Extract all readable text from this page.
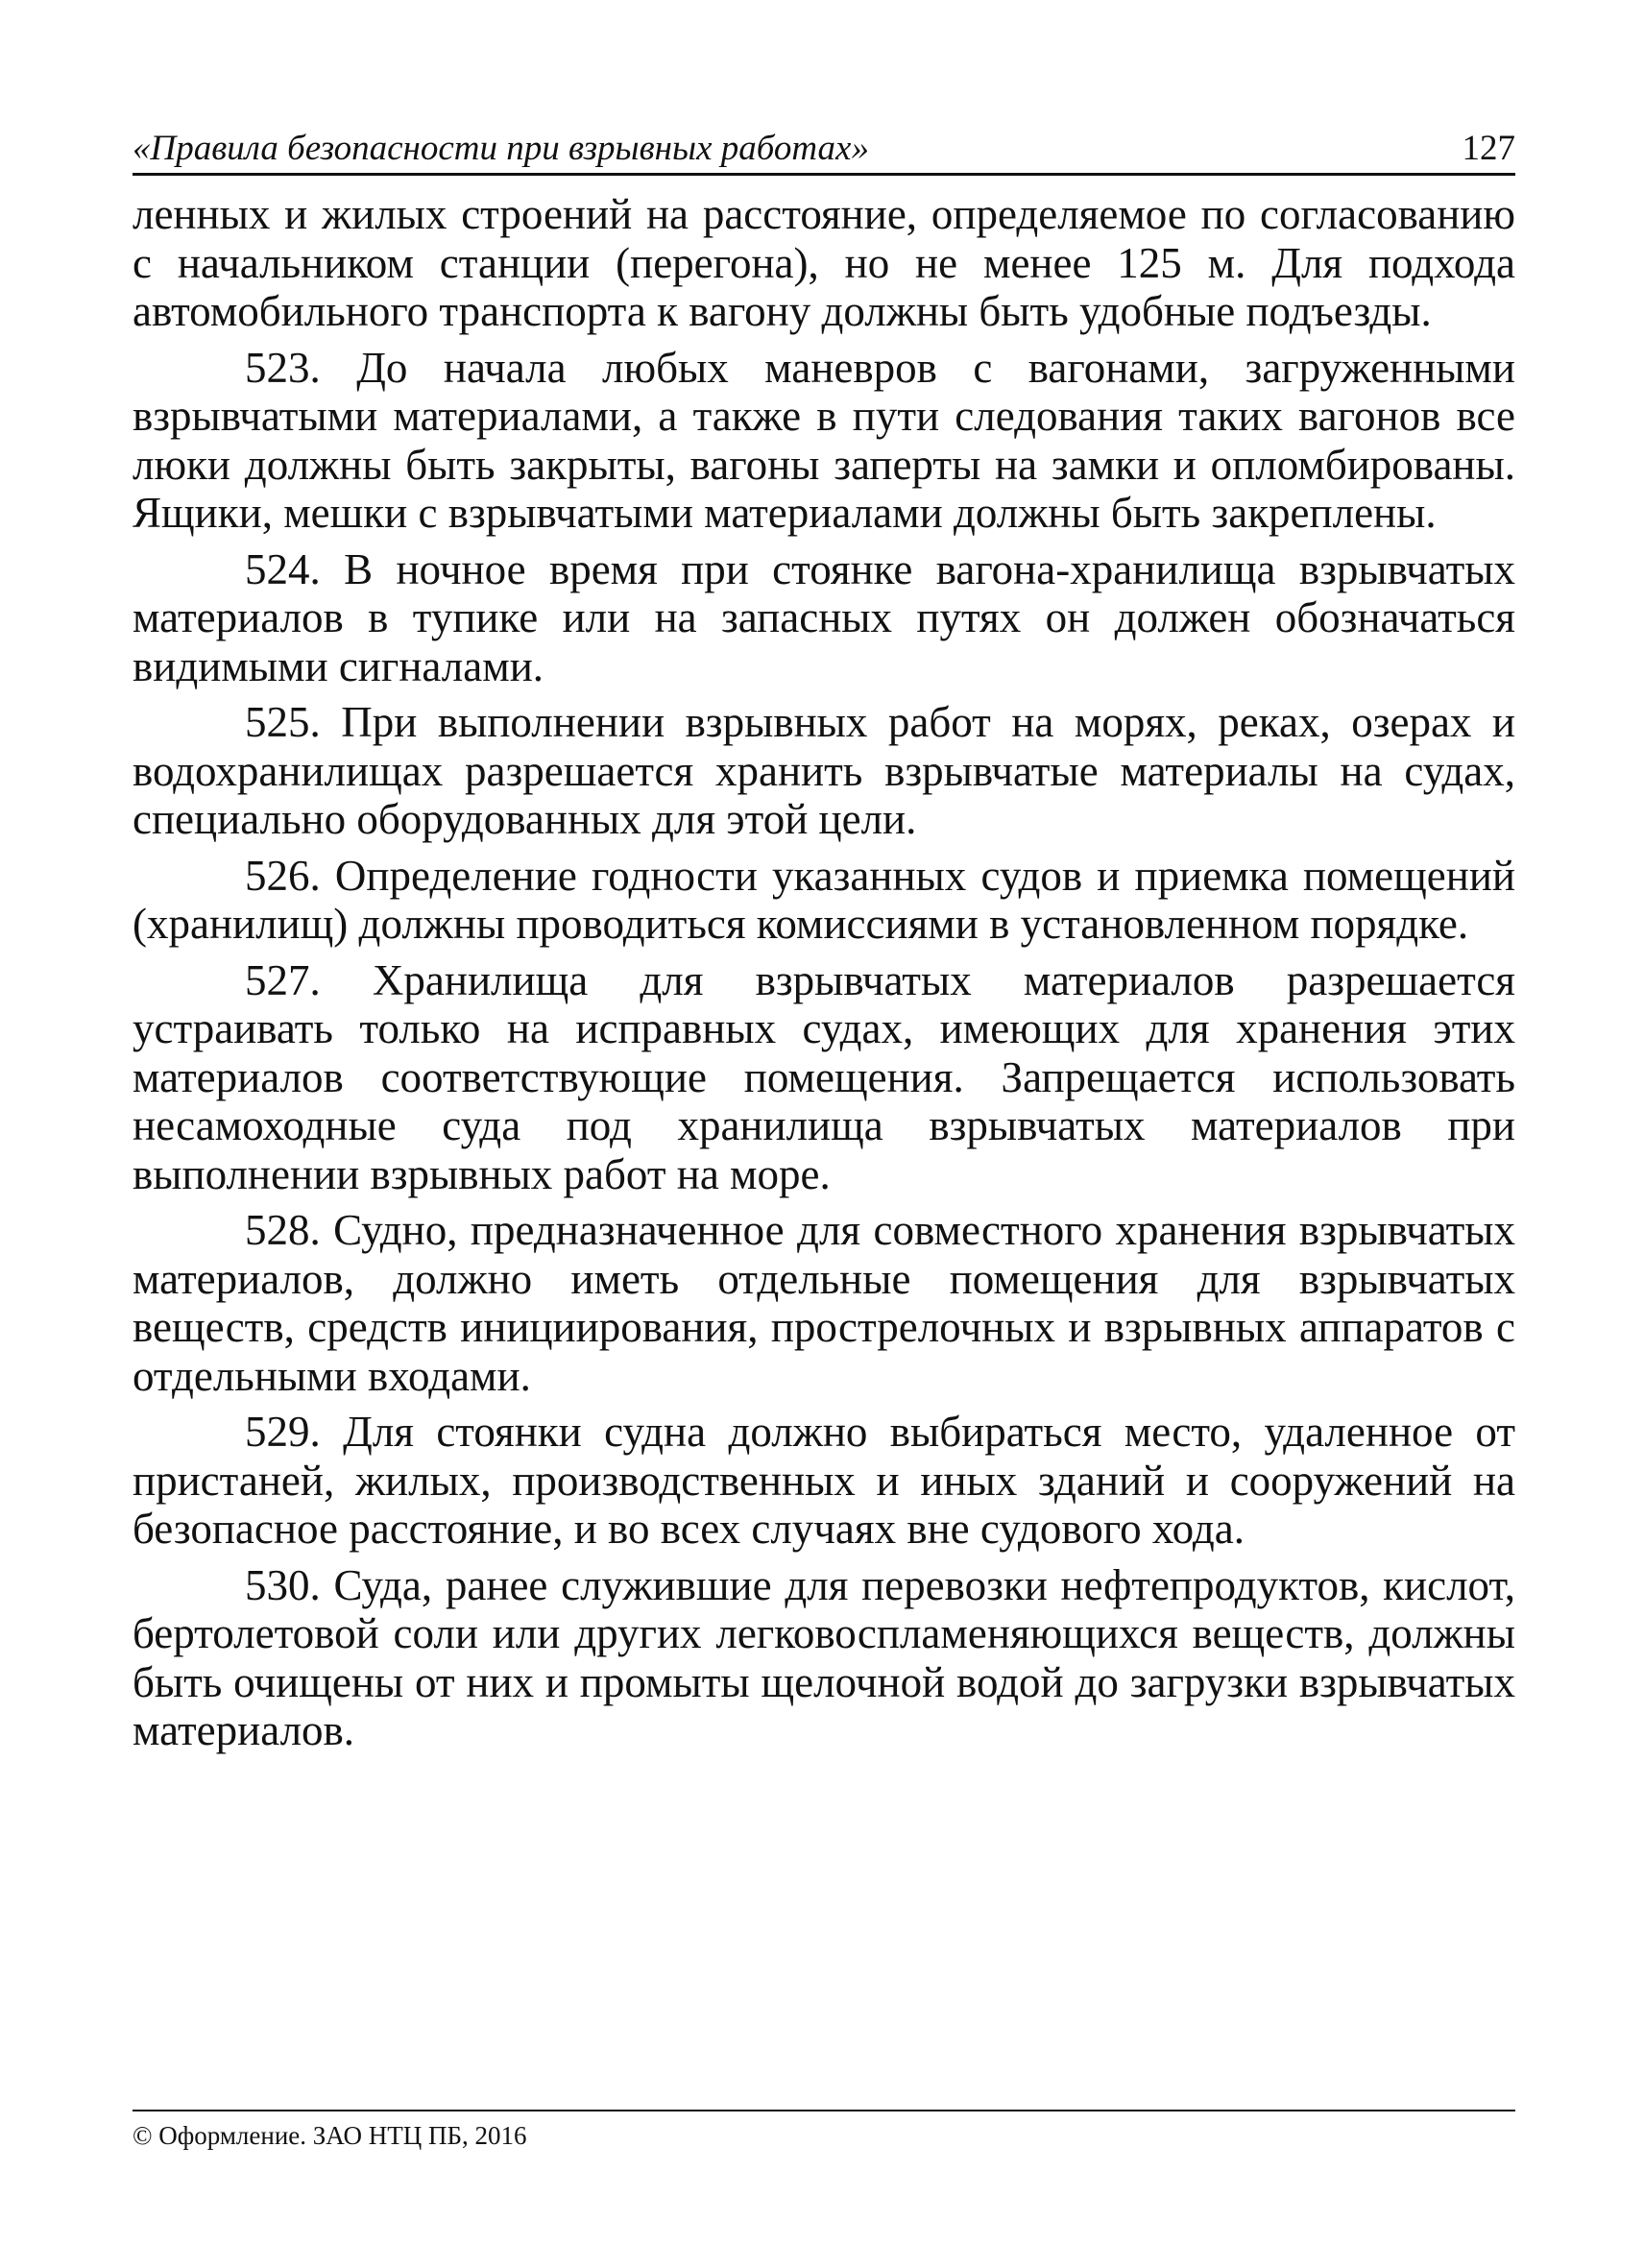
«Правила безопасности при взрывных работах»	127

ленных и жилых строений на расстояние, определяемое по согласованию с начальником станции (перегона), но не менее 125 м. Для подхода автомобильного транспорта к вагону должны быть удобные подъезды.

523. До начала любых маневров с вагонами, загруженными взрывчатыми материалами, а также в пути следования таких вагонов все люки должны быть закрыты, вагоны заперты на замки и опломбированы. Ящики, мешки с взрывчатыми материалами должны быть закреплены.

524. В ночное время при стоянке вагона-хранилища взрывчатых материалов в тупике или на запасных путях он должен обозначаться видимыми сигналами.

525. При выполнении взрывных работ на морях, реках, озерах и водохранилищах разрешается хранить взрывчатые материалы на судах, специально оборудованных для этой цели.

526. Определение годности указанных судов и приемка помещений (хранилищ) должны проводиться комиссиями в установленном порядке.

527. Хранилища для взрывчатых материалов разрешается устраивать только на исправных судах, имеющих для хранения этих материалов соответствующие помещения. Запрещается использовать несамоходные суда под хранилища взрывчатых материалов при выполнении взрывных работ на море.

528. Судно, предназначенное для совместного хранения взрывчатых материалов, должно иметь отдельные помещения для взрывчатых веществ, средств инициирования, прострелочных и взрывных аппаратов с отдельными входами.

529. Для стоянки судна должно выбираться место, удаленное от пристаней, жилых, производственных и иных зданий и сооружений на безопасное расстояние, и во всех случаях вне судового хода.

530. Суда, ранее служившие для перевозки нефтепродуктов, кислот, бертолетовой соли или других легковоспламеняющихся веществ, должны быть очищены от них и промыты щелочной водой до загрузки взрывчатых материалов.

© Оформление. ЗАО НТЦ ПБ, 2016
